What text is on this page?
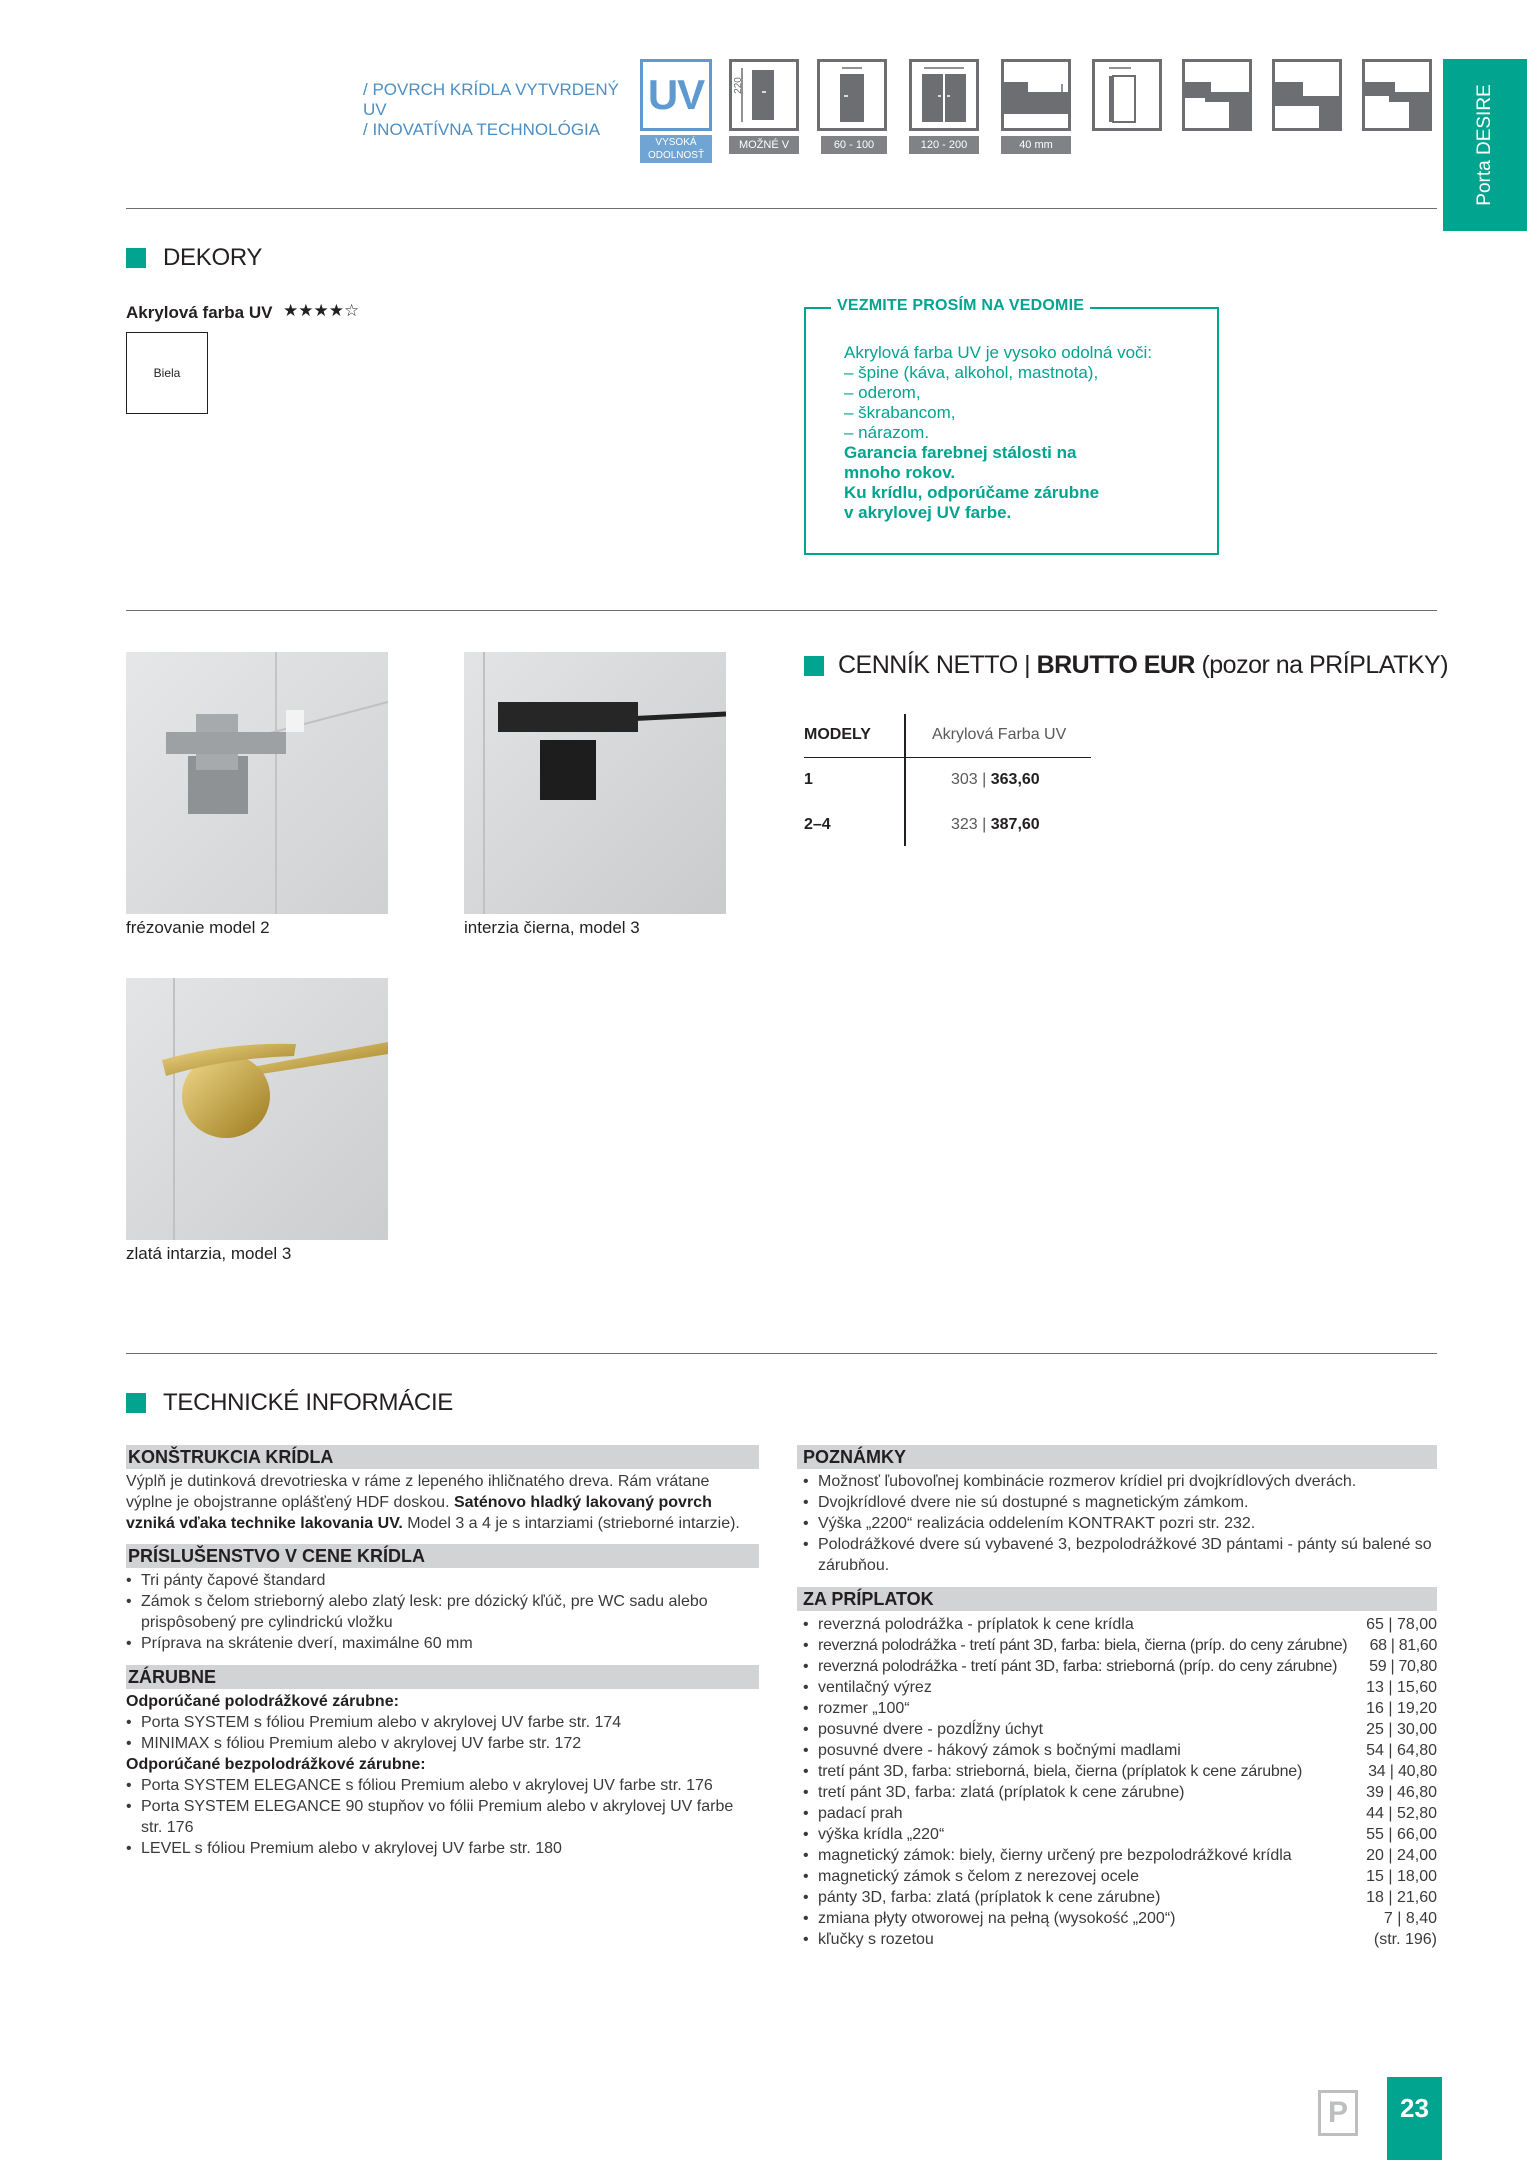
/ POVRCH KRÍDLA VYTVRDENÝ UV
/ INOVATÍVNA TECHNOLÓGIA
UV
VYSOKÁ
ODOLNOSŤ
220
MOŽNÉ V 220
60 - 100	120 - 200	40 mm	Porta DESIRE
DEKORY
Akrylová farba UV ★★★★☆
Biela
VEZMITE PROSÍM NA VEDOMIE
Akrylová farba UV je vysoko odolná voči:
– špine (káva, alkohol, mastnota),
– oderom,
– škrabancom,
– nárazom.
Garancia farebnej stálosti na
mnoho rokov.
Ku krídlu, odporúčame zárubne
v akrylovej UV farbe.
frézovanie model 2	interzia čierna, model 3
zlatá intarzia, model 3
CENNÍK NETTO | BRUTTO EUR (pozor na PRÍPLATKY)
MODELY	Akrylová Farba UV
1	303 | 363,60
2–4	323 | 387,60
TECHNICKÉ INFORMÁCIE
KONŠTRUKCIA KRÍDLA
Výplň je dutinková drevotrieska v ráme z lepeného ihličnatého dreva. Rám vrátane výplne je obojstranne oplášťený HDF doskou. Saténovo hladký lakovaný povrch vzniká vďaka technike lakovania UV. Model 3 a 4 je s intarziami (strieborné intarzie).
PRÍSLUŠENSTVO V CENE KRÍDLA
• Tri pánty čapové štandard
• Zámok s čelom strieborný alebo zlatý lesk: pre dózický kľúč, pre WC sadu alebo prispôsobený pre cylindrickú vložku
• Príprava na skrátenie dverí, maximálne 60 mm
ZÁRUBNE
Odporúčané polodrážkové zárubne:
• Porta SYSTEM s fóliou Premium alebo v akrylovej UV farbe str. 174
• MINIMAX s fóliou Premium alebo v akrylovej UV farbe str. 172
Odporúčané bezpolodrážkové zárubne:
• Porta SYSTEM ELEGANCE s fóliou Premium alebo v akrylovej UV farbe str. 176
• Porta SYSTEM ELEGANCE 90 stupňov vo fólii Premium alebo v akrylovej UV farbe str. 176
• LEVEL s fóliou Premium alebo v akrylovej UV farbe str. 180
POZNÁMKY
• Možnosť ľubovoľnej kombinácie rozmerov krídiel pri dvojkrídlových dverách.
• Dvojkrídlové dvere nie sú dostupné s magnetickým zámkom.
• Výška „2200“ realizácia oddelením KONTRAKT pozri str. 232.
• Polodrážkové dvere sú vybavené 3, bezpolodrážkové 3D pántami - pánty sú balené so zárubňou.
ZA PRÍPLATOK
• reverzná polodrážka - príplatok k cene krídla	65 | 78,00
• reverzná polodrážka - tretí pánt 3D, farba: biela, čierna (príp. do ceny zárubne) 68 | 81,60
• reverzná polodrážka - tretí pánt 3D, farba: strieborná (príp. do ceny zárubne) 59 | 70,80
• ventilačný výrez	13 | 15,60
• rozmer „100“	16 | 19,20
• posuvné dvere - pozdĺžny úchyt	25 | 30,00
• posuvné dvere - hákový zámok s bočnými madlami	54 | 64,80
• tretí pánt 3D, farba: strieborná, biela, čierna (príplatok k cene zárubne)	34 | 40,80
• tretí pánt 3D, farba: zlatá (príplatok k cene zárubne)	39 | 46,80
• padací prah	44 | 52,80
• výška krídla „220“	55 | 66,00
• magnetický zámok: biely, čierny určený pre bezpolodrážkové krídla	20 | 24,00
• magnetický zámok s čelom z nerezovej ocele	15 | 18,00
• pánty 3D, farba: zlatá (príplatok k cene zárubne)	18 | 21,60
• zmiana płyty otworowej na pełną (wysokość „200“)	7 | 8,40
• kľučky s rozetou	(str. 196)
P	23
